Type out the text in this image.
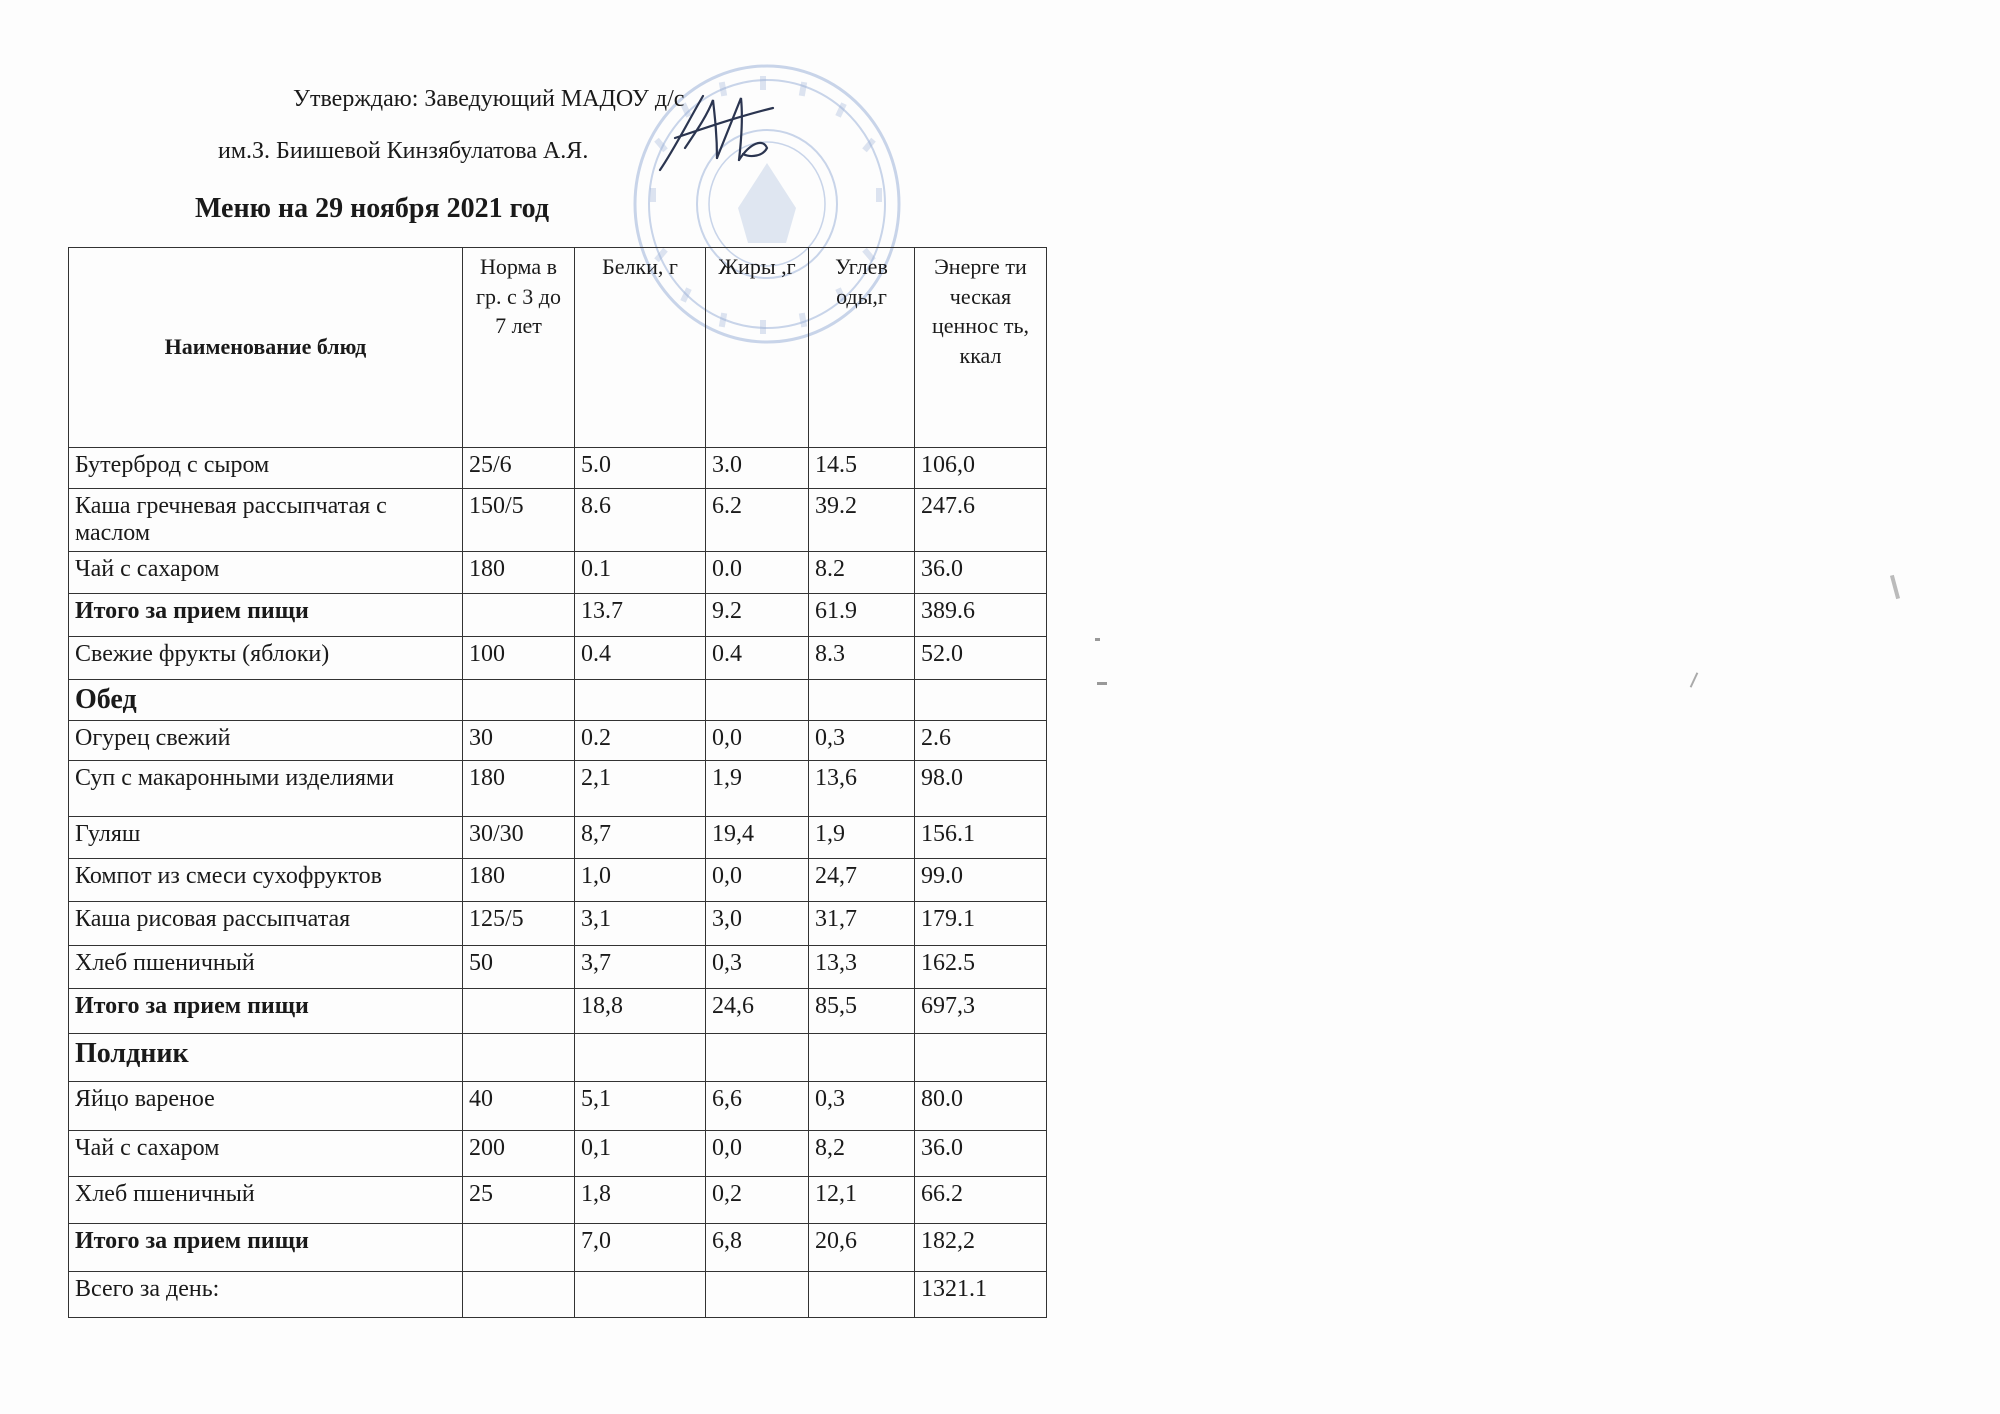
Утверждаю: Заведующий МАДОУ д/с
им.З. Биишевой Кинзябулатова А.Я.
Меню на 29 ноября 2021 год
Наименование блюд	Норма в гр. с 3 до 7 лет	Белки, г	Жиры ,г	Углев оды,г	Энерге ти ческая ценнос ть, ккал
Бутерброд с сыром	25/6	5.0	3.0	14.5	106,0
Каша гречневая рассыпчатая с маслом	150/5	8.6	6.2	39.2	247.6
Чай с сахаром	180	0.1	0.0	8.2	36.0
Итого за прием пищи		13.7	9.2	61.9	389.6
Свежие фрукты (яблоки)	100	0.4	0.4	8.3	52.0
Обед					
Огурец свежий	30	0.2	0,0	0,3	2.6
Суп с макаронными изделиями	180	2,1	1,9	13,6	98.0
Гуляш	30/30	8,7	19,4	1,9	156.1
Компот из смеси сухофруктов	180	1,0	0,0	24,7	99.0
Каша рисовая рассыпчатая	125/5	3,1	3,0	31,7	179.1
Хлеб пшеничный	50	3,7	0,3	13,3	162.5
Итого за прием пищи		18,8	24,6	85,5	697,3
Полдник					
Яйцо вареное	40	5,1	6,6	0,3	80.0
Чай с сахаром	200	0,1	0,0	8,2	36.0
Хлеб пшеничный	25	1,8	0,2	12,1	66.2
Итого за прием пищи		7,0	6,8	20,6	182,2
Всего за день:					1321.1
